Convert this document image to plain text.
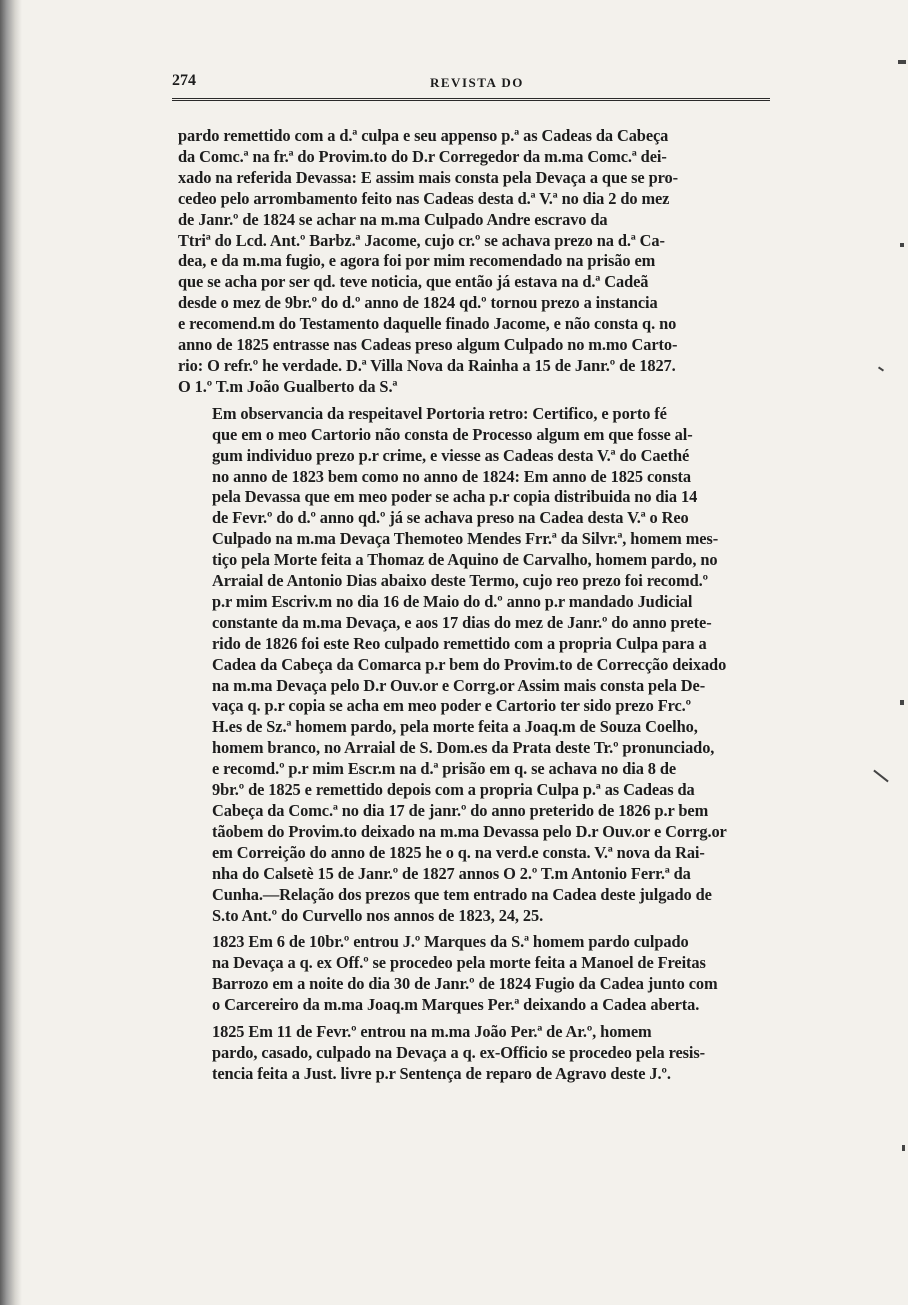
274	REVISTA DO

pardo remettido com a d.ª culpa e seu appenso p.ª as Cadeas da Cabeça
da Comc.ª na fr.ª do Provim.to do D.r Corregedor da m.ma Comc.ª dei-
xado na referida Devassa: E assim mais consta pela Devaça a que se pro-
cedeo pelo arrombamento feito nas Cadeas desta d.ª V.ª no dia 2 do mez
de Janr.º de 1824 se achar na m.ma Culpado Andre escravo da
Ttriª do Lcd. Ant.º Barbz.ª Jacome, cujo cr.º se achava prezo na d.ª Ca-
dea, e da m.ma fugio, e agora foi por mim recomendado na prisão em
que se acha por ser qd. teve noticia, que então já estava na d.ª Cadeã
desde o mez de 9br.º do d.º anno de 1824 qd.º tornou prezo a instancia
e recomend.m do Testamento daquelle finado Jacome, e não consta q. no
anno de 1825 entrasse nas Cadeas preso algum Culpado no m.mo Carto-
rio: O refr.º he verdade. D.ª Villa Nova da Rainha a 15 de Janr.º de 1827.
O 1.º T.m João Gualberto da S.ª

Em observancia da respeitavel Portoria retro: Certifico, e porto fé
que em o meo Cartorio não consta de Processo algum em que fosse al-
gum individuo prezo p.r crime, e viesse as Cadeas desta V.ª do Caethé
no anno de 1823 bem como no anno de 1824: Em anno de 1825 consta
pela Devassa que em meo poder se acha p.r copia distribuida no dia 14
de Fevr.º do d.º anno qd.º já se achava preso na Cadea desta V.ª o Reo
Culpado na m.ma Devaça Themoteo Mendes Frr.ª da Silvr.ª, homem mes-
tiço pela Morte feita a Thomaz de Aquino de Carvalho, homem pardo, no
Arraial de Antonio Dias abaixo deste Termo, cujo reo prezo foi recomd.º
p.r mim Escriv.m no dia 16 de Maio do d.º anno p.r mandado Judicial
constante da m.ma Devaça, e aos 17 dias do mez de Janr.º do anno prete-
rido de 1826 foi este Reo culpado remettido com a propria Culpa para a
Cadea da Cabeça da Comarca p.r bem do Provim.to de Correcção deixado
na m.ma Devaça pelo D.r Ouv.or e Corrg.or Assim mais consta pela De-
vaça q. p.r copia se acha em meo poder e Cartorio ter sido prezo Frc.º
H.es de Sz.ª homem pardo, pela morte feita a Joaq.m de Souza Coelho,
homem branco, no Arraial de S. Dom.es da Prata deste Tr.º pronunciado,
e recomd.º p.r mim Escr.m na d.ª prisão em q. se achava no dia 8 de
9br.º de 1825 e remettido depois com a propria Culpa p.ª as Cadeas da
Cabeça da Comc.ª no dia 17 de janr.º do anno preterido de 1826 p.r bem
tãobem do Provim.to deixado na m.ma Devassa pelo D.r Ouv.or e Corrg.or
em Correição do anno de 1825 he o q. na verd.e consta. V.ª nova da Rai-
nha do Calsetè 15 de Janr.º de 1827 annos O 2.º T.m Antonio Ferr.ª da
Cunha.—Relação dos prezos que tem entrado na Cadea deste julgado de
S.to Ant.º do Curvello nos annos de 1823, 24, 25.

1823 Em 6 de 10br.º entrou J.º Marques da S.ª homem pardo culpado
na Devaça a q. ex Off.º se procedeo pela morte feita a Manoel de Freitas
Barrozo em a noite do dia 30 de Janr.º de 1824 Fugio da Cadea junto com
o Carcereiro da m.ma Joaq.m Marques Per.ª deixando a Cadea aberta.

1825 Em 11 de Fevr.º entrou na m.ma João Per.ª de Ar.º, homem
pardo, casado, culpado na Devaça a q. ex-Officio se procedeo pela resis-
tencia feita a Just. livre p.r Sentença de reparo de Agravo deste J.º.
